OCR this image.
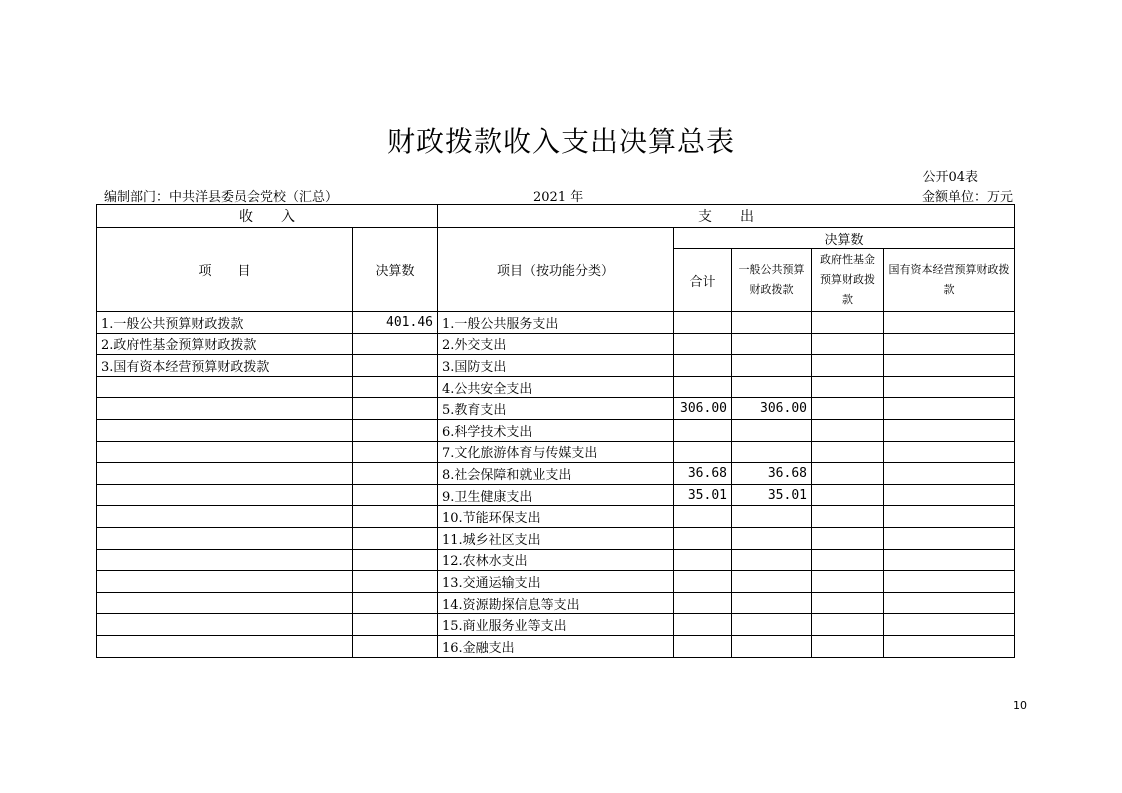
财政拨款收入支出决算总表
公开04表
编制部门：中共洋县委员会党校（汇总）	2021 年	金额单位：万元
收　　入		支　　出				
项　　目	决算数	项目（按功能分类）	决算数			
			合计	一般公共预算财政拨款	政府性基金预算财政拨款	国有资本经营预算财政拨款
1.一般公共预算财政拨款	401.46	1.一般公共服务支出				
2.政府性基金预算财政拨款		2.外交支出				
3.国有资本经营预算财政拨款		3.国防支出				
		4.公共安全支出				
		5.教育支出	306.00	306.00		
		6.科学技术支出				
		7.文化旅游体育与传媒支出				
		8.社会保障和就业支出	36.68	36.68		
		9.卫生健康支出	35.01	35.01		
		10.节能环保支出				
		11.城乡社区支出				
		12.农林水支出				
		13.交通运输支出				
		14.资源勘探信息等支出				
		15.商业服务业等支出				
		16.金融支出				
10
